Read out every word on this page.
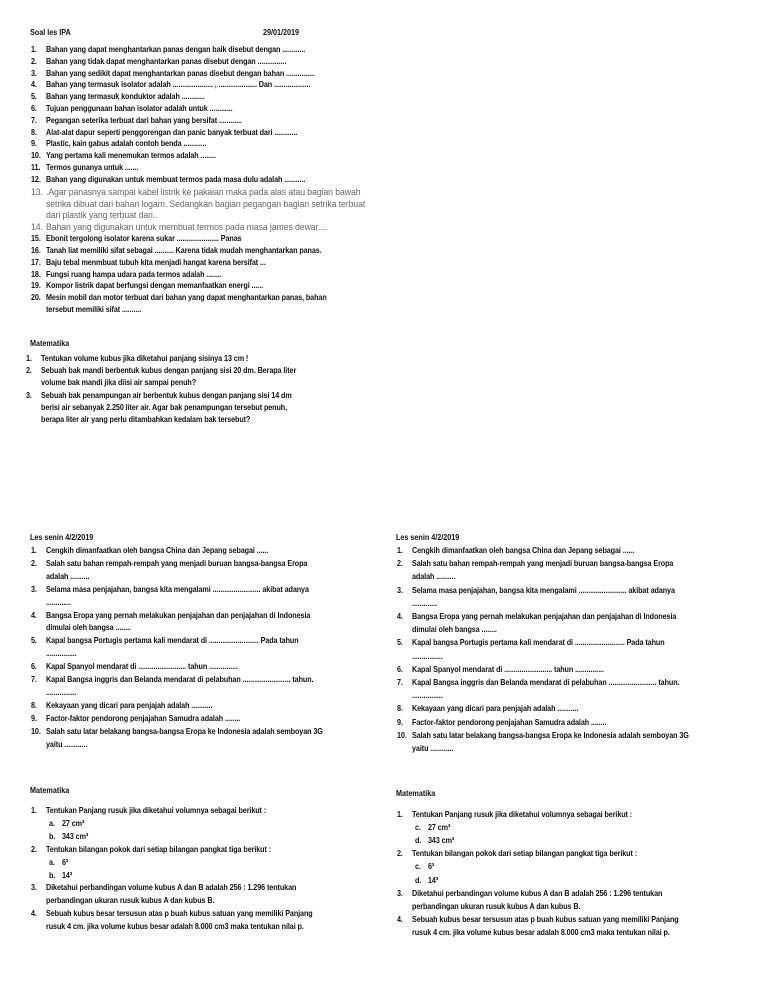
Soal les IPA	29/01/2019
1. Bahan yang dapat menghantarkan panas dengan baik disebut dengan ............
2. Bahan yang tidak dapat menghantarkan panas disebut dengan ...............
3. Bahan yang sedikit dapat menghantarkan panas disebut dengan bahan ...............
4. Bahan yang termasuk isolator adalah ..................... , .................... Dan ...................
5. Bahan yang termasuk konduktor adalah ............
6. Tujuan penggunaan bahan isolator adalah untuk ............
7. Pegangan seterika terbuat dari bahan yang bersifat ............
8. Alat-alat dapur seperti penggorengan dan panic banyak terbuat dari ............
9. Plastic, kain gabus adalah contoh benda ............
10. Yang pertama kali menemukan termos adalah ........
11. Termos gunanya untuk .......
12. Bahan yang digunakan untuk membuat termos pada masa dulu adalah ...........
13. .Agar panasnya sampai kabel listrik ke pakaian maka pada alas atau bagian bawah
setrika dibuat dari bahan logam. Sedangkan bagian pegangan bagian setrika terbuat
dari plastik yang terbuat dari..
14. Bahan yang digunakan untuk membuat termos pada masa james dewar....
15. Ebonit tergolong isolator karena sukar ...................... Panas
16. Tanah liat memiliki sifat sebagai .......... Karena tidak mudah menghantarkan panas.
17. Baju tebal menmbuat tubuh kita menjadi hangat karena bersifat ...
18. Fungsi ruang hampa udara pada termos adalah ........
19. Kompor listrik dapat berfungsi dengan memanfaatkan energi ......
20. Mesin mobil dan motor terbuat dari bahan yang dapat menghantarkan panas, bahan
tersebut memiliki sifat ..........
Matematika
1. Tentukan volume kubus jika diketahui panjang sisinya 13 cm !
2. Sebuah bak mandi berbentuk kubus dengan panjang sisi 20 dm. Berapa liter
volume bak mandi jika diisi air sampai penuh?
3. Sebuah bak penampungan air berbentuk kubus dengan panjang sisi 14 dm
berisi air sebanyak 2.250 liter air. Agar bak penampungan tersebut penuh,
berapa liter air yang perlu ditambahkan kedalam bak tersebut?
Les senin 4/2/2019
1. Cengkih dimanfaatkan oleh bangsa China dan Jepang sebagai ......
2. Salah satu bahan rempah-rempah yang menjadi buruan bangsa-bangsa Eropa
adalah ..........
3. Selama masa penjajahan, bangsa kita mengalami ......................... akibat adanya
.............
4. Bangsa Eropa yang pernah melakukan penjajahan dan penjajahan di Indonesia
dimulai oleh bangsa ........
5. Kapal bangsa Portugis pertama kali mendarat di .......................... Pada tahun
................
6. Kapal Spanyol mendarat di ......................... tahun ...............
7. Kapal Bangsa inggris dan Belanda mendarat di pelabuhan ......................... tahun.
................
8. Kekayaan yang dicari para penjajah adalah ...........
9. Factor-faktor pendorong penjajahan Samudra adalah ........
10. Salah satu latar belakang bangsa-bangsa Eropa ke Indonesia adalah semboyan 3G
yaitu ............
Les senin 4/2/2019
1. Cengkih dimanfaatkan oleh bangsa China dan Jepang sebagai ......
2. Salah satu bahan rempah-rempah yang menjadi buruan bangsa-bangsa Eropa
adalah ..........
3. Selama masa penjajahan, bangsa kita mengalami ......................... akibat adanya
.............
4. Bangsa Eropa yang pernah melakukan penjajahan dan penjajahan di Indonesia
dimulai oleh bangsa ........
5. Kapal bangsa Portugis pertama kali mendarat di .......................... Pada tahun
................
6. Kapal Spanyol mendarat di ......................... tahun ...............
7. Kapal Bangsa inggris dan Belanda mendarat di pelabuhan ......................... tahun.
................
8. Kekayaan yang dicari para penjajah adalah ...........
9. Factor-faktor pendorong penjajahan Samudra adalah ........
10. Salah satu latar belakang bangsa-bangsa Eropa ke Indonesia adalah semboyan 3G
yaitu ............
Matematika
1. Tentukan Panjang rusuk jika diketahui volumnya sebagai berikut :
a. 27 cm³
b. 343 cm³
2. Tentukan bilangan pokok dari setiap bilangan pangkat tiga berikut :
a. 6³
b. 14³
3. Diketahui perbandingan volume kubus A dan B adalah 256 : 1.296 tentukan
perbandingan ukuran rusuk kubus A dan kubus B.
4. Sebuah kubus besar tersusun atas p buah kubus satuan yang memiliki Panjang
rusuk 4 cm. jika volume kubus besar adalah 8.000 cm3 maka tentukan nilai p.
Matematika
1. Tentukan Panjang rusuk jika diketahui volumnya sebagai berikut :
c. 27 cm³
d. 343 cm³
2. Tentukan bilangan pokok dari setiap bilangan pangkat tiga berikut :
c. 6³
d. 14³
3. Diketahui perbandingan volume kubus A dan B adalah 256 : 1.296 tentukan
perbandingan ukuran rusuk kubus A dan kubus B.
4. Sebuah kubus besar tersusun atas p buah kubus satuan yang memiliki Panjang
rusuk 4 cm. jika volume kubus besar adalah 8.000 cm3 maka tentukan nilai p.
